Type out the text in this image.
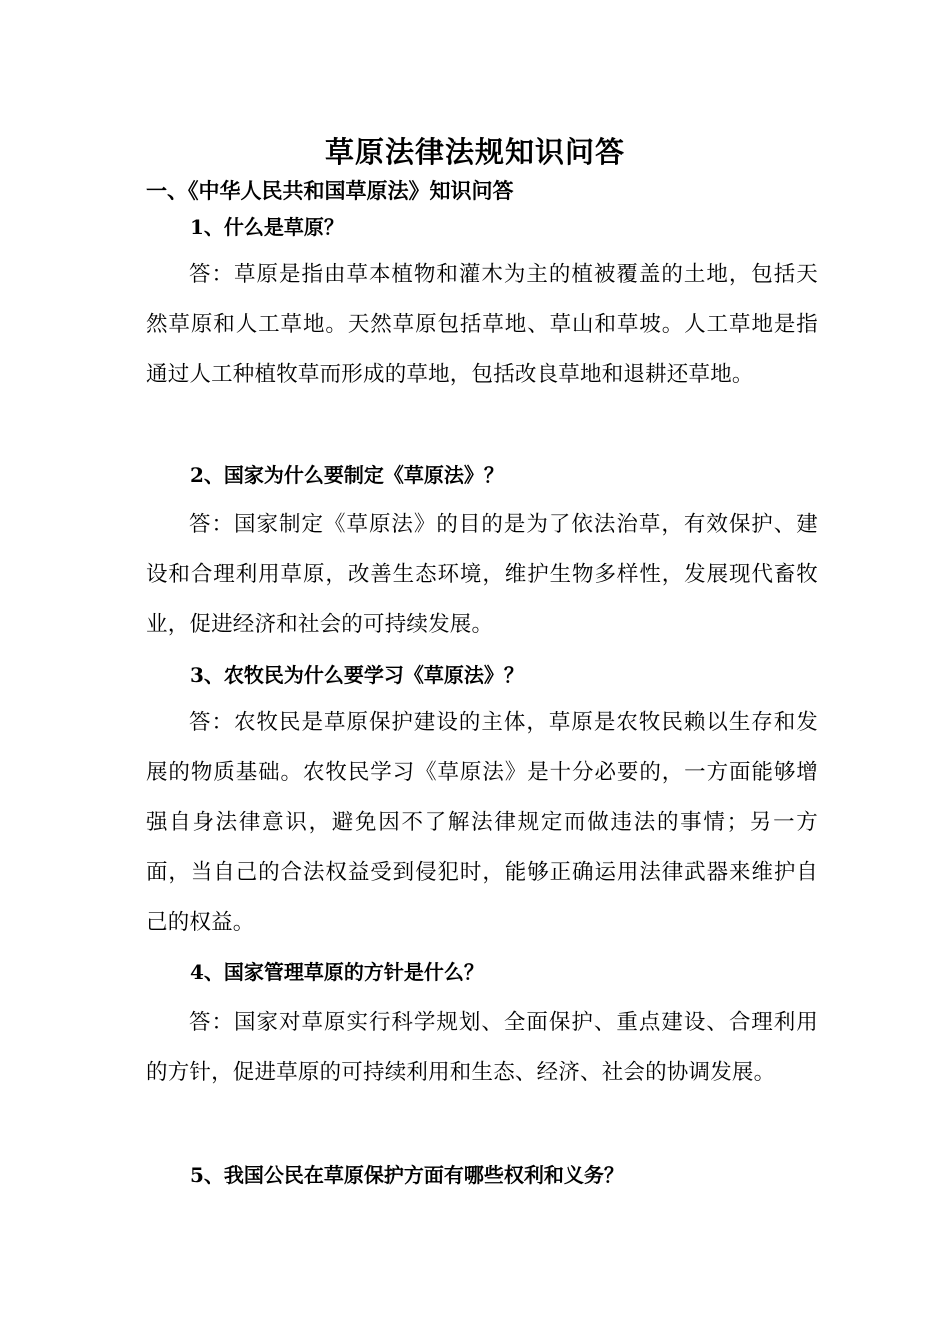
草原法律法规知识问答
一、《中华人民共和国草原法》知识问答
1、什么是草原？

答：草原是指由草本植物和灌木为主的植被覆盖的土地，包括天然草原和人工草地。天然草原包括草地、草山和草坡。人工草地是指通过人工种植牧草而形成的草地，包括改良草地和退耕还草地。

2、国家为什么要制定《草原法》？

答：国家制定《草原法》的目的是为了依法治草，有效保护、建设和合理利用草原，改善生态环境，维护生物多样性，发展现代畜牧业，促进经济和社会的可持续发展。

3、农牧民为什么要学习《草原法》？

答：农牧民是草原保护建设的主体，草原是农牧民赖以生存和发展的物质基础。农牧民学习《草原法》是十分必要的，一方面能够增强自身法律意识，避免因不了解法律规定而做违法的事情；另一方面，当自己的合法权益受到侵犯时，能够正确运用法律武器来维护自己的权益。

4、国家管理草原的方针是什么？

答：国家对草原实行科学规划、全面保护、重点建设、合理利用的方针，促进草原的可持续利用和生态、经济、社会的协调发展。

5、我国公民在草原保护方面有哪些权利和义务？
